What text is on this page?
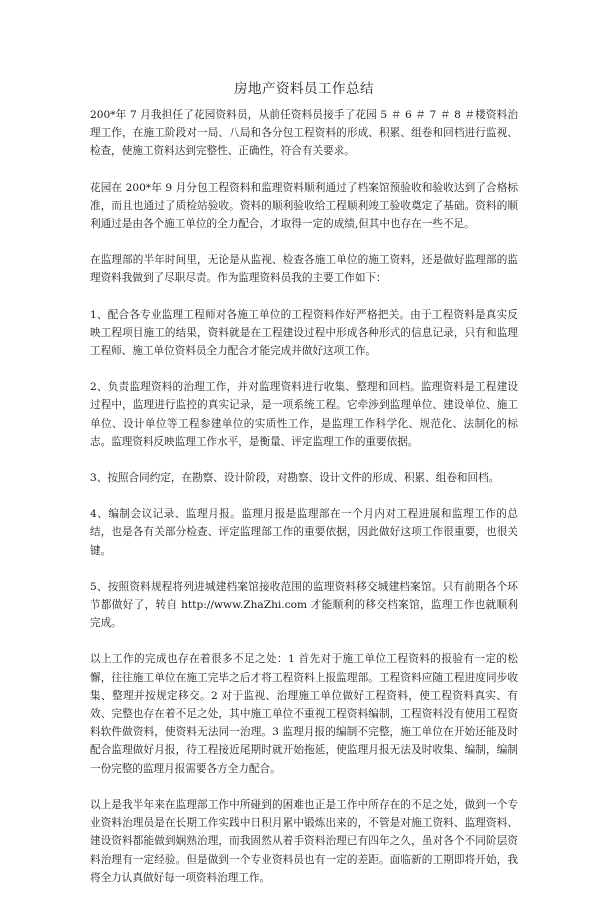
房地产资料员工作总结

200*年 7 月我担任了花园资料员，从前任资料员接手了花园 5 ＃ 6 ＃ 7 ＃ 8 ＃楼资料治理工作，在施工阶段对一局、八局和各分包工程资料的形成、积累、组卷和回档进行监视、检查，使施工资料达到完整性、正确性，符合有关要求。

花园在 200*年 9 月分包工程资料和监理资料顺利通过了档案馆预验收和验收达到了合格标准，而且也通过了质检站验收。资料的顺利验收给工程顺利竣工验收奠定了基础。资料的顺利通过是由各个施工单位的全力配合，才取得一定的成绩,但其中也存在一些不足。

在监理部的半年时间里，无论是从监视、检查各施工单位的施工资料，还是做好监理部的监理资料我做到了尽职尽责。作为监理资料员我的主要工作如下：

1、配合各专业监理工程师对各施工单位的工程资料作好严格把关。由于工程资料是真实反映工程项目施工的结果，资料就是在工程建设过程中形成各种形式的信息记录，只有和监理工程师、施工单位资料员全力配合才能完成并做好这项工作。

2、负责监理资料的治理工作，并对监理资料进行收集、整理和回档。监理资料是工程建设过程中，监理进行监控的真实记录，是一项系统工程。它牵涉到监理单位、建设单位、施工单位、设计单位等工程参建单位的实质性工作，是监理工作科学化、规范化、法制化的标志。监理资料反映监理工作水平，是衡量、评定监理工作的重要依据。

3、按照合同约定，在勘察、设计阶段，对勘察、设计文件的形成、积累、组卷和回档。

4、编制会议记录、监理月报。监理月报是监理部在一个月内对工程进展和监理工作的总结，也是各有关部分检查、评定监理部工作的重要依据，因此做好这项工作很重要，也很关键。

5、按照资料规程将列进城建档案馆接收范围的监理资料移交城建档案馆。只有前期各个环节都做好了，转自 http://www.ZhaZhi.com 才能顺利的移交档案馆，监理工作也就顺利完成。

以上工作的完成也存在着很多不足之处：1 首先对于施工单位工程资料的报验有一定的松懈，往往施工单位在施工完毕之后才将工程资料上报监理部。工程资料应随工程进度同步收集、整理并按规定移交。2 对于监视、治理施工单位做好工程资料，使工程资料真实、有效、完整也存在着不足之处，其中施工单位不重视工程资料编制，工程资料没有使用工程资料软件做资料，使资料无法同一治理。3 监理月报的编制不完整，施工单位在开始还能及时配合监理做好月报，待工程接近尾期时就开始拖延，使监理月报无法及时收集、编制，编制一份完整的监理月报需要各方全力配合。

以上是我半年来在监理部工作中所碰到的困难也正是工作中所存在的不足之处，做到一个专业资料治理员是在长期工作实践中日积月累中锻炼出来的，不管是对施工资料、监理资料、建设资料都能做到娴熟治理，而我固然从着手资料治理已有四年之久，虽对各个不同阶层资料治理有一定经验。但是做到一个专业资料员也有一定的差距。面临新的工期即将开始，我将全力认真做好每一项资料治理工作。
